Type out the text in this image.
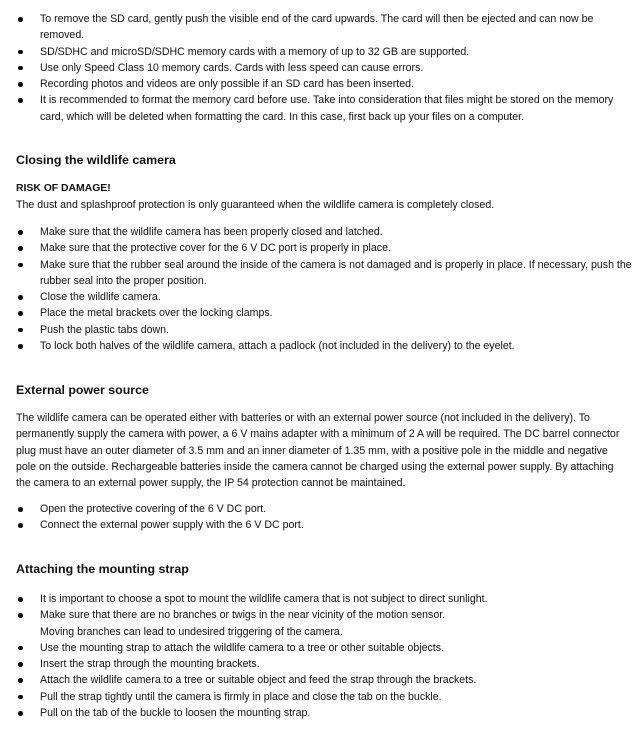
To remove the SD card, gently push the visible end of the card upwards. The card will then be ejected and can now be removed.
SD/SDHC and microSD/SDHC memory cards with a memory of up to 32 GB are supported.
Use only Speed Class 10 memory cards. Cards with less speed can cause errors.
Recording photos and videos are only possible if an SD card has been inserted.
It is recommended to format the memory card before use. Take into consideration that files might be stored on the memory card, which will be deleted when formatting the card. In this case, first back up your files on a computer.
Closing the wildlife camera

RISK OF DAMAGE!

The dust and splashproof protection is only guaranteed when the wildlife camera is completely closed.

Make sure that the wildlife camera has been properly closed and latched.
Make sure that the protective cover for the 6 V DC port is properly in place.
Make sure that the rubber seal around the inside of the camera is not damaged and is properly in place. If necessary, push the rubber seal into the proper position.
Close the wildlife camera.
Place the metal brackets over the locking clamps.
Push the plastic tabs down.
To lock both halves of the wildlife camera, attach a padlock (not included in the delivery) to the eyelet.
External power source

The wildlife camera can be operated either with batteries or with an external power source (not included in the delivery). To permanently supply the camera with power, a 6 V mains adapter with a minimum of 2 A will be required. The DC barrel connector plug must have an outer diameter of 3.5 mm and an inner diameter of 1.35 mm, with a positive pole in the middle and negative pole on the outside. Rechargeable batteries inside the camera cannot be charged using the external power supply. By attaching the camera to an external power supply, the IP 54 protection cannot be maintained.

Open the protective covering of the 6 V DC port.
Connect the external power supply with the 6 V DC port.
Attaching the mounting strap
It is important to choose a spot to mount the wildlife camera that is not subject to direct sunlight.
Make sure that there are no branches or twigs in the near vicinity of the motion sensor.
Moving branches can lead to undesired triggering of the camera.
Use the mounting strap to attach the wildlife camera to a tree or other suitable objects.
Insert the strap through the mounting brackets.
Attach the wildlife camera to a tree or suitable object and feed the strap through the brackets.
Pull the strap tightly until the camera is firmly in place and close the tab on the buckle.
Pull on the tab of the buckle to loosen the mounting strap.
